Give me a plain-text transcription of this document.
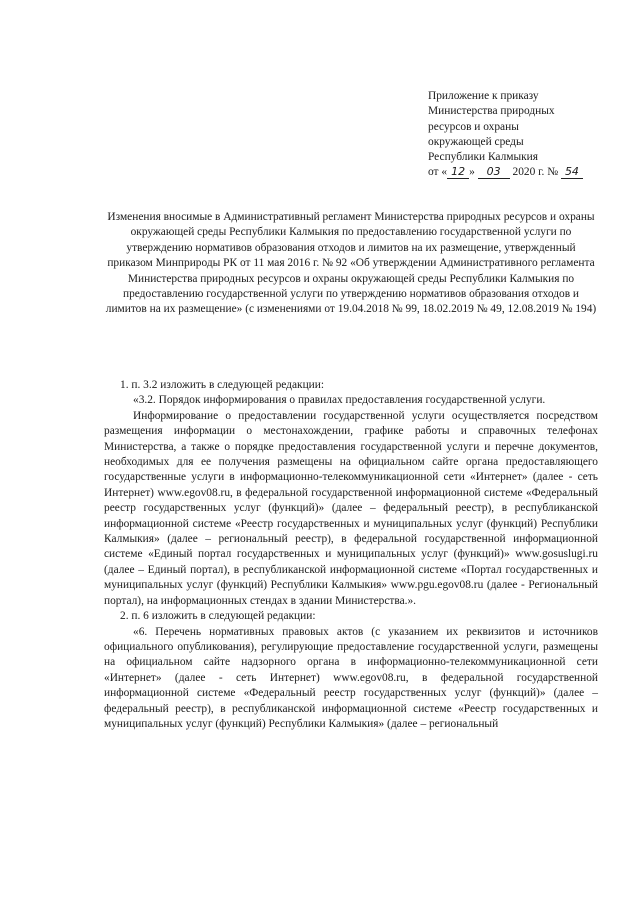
Приложение к приказу
Министерства природных
ресурсов и охраны
окружающей среды
Республики Калмыкия
от « 12 » 03 2020 г. № 54
Изменения вносимые в Административный регламент Министерства природных ресурсов и охраны окружающей среды Республики Калмыкия по предоставлению государственной услуги по утверждению нормативов образования отходов и лимитов на их размещение, утвержденный приказом Минприроды РК от 11 мая 2016 г. № 92 «Об утверждении Административного регламента Министерства природных ресурсов и охраны окружающей среды Республики Калмыкия по предоставлению государственной услуги по утверждению нормативов образования отходов и лимитов на их размещение» (с изменениями от 19.04.2018 № 99, 18.02.2019 № 49, 12.08.2019 № 194)

1. п. 3.2 изложить в следующей редакции:

«3.2. Порядок информирования о правилах предоставления государственной услуги.

Информирование о предоставлении государственной услуги осуществляется посредством размещения информации о местонахождении, графике работы и справочных телефонах Министерства, а также о порядке предоставления государственной услуги и перечне документов, необходимых для ее получения размещены на официальном сайте органа предоставляющего государственные услуги в информационно-телекоммуникационной сети «Интернет» (далее - сеть Интернет) www.egov08.ru, в федеральной государственной информационной системе «Федеральный реестр государственных услуг (функций)» (далее – федеральный реестр), в республиканской информационной системе «Реестр государственных и муниципальных услуг (функций) Республики Калмыкия» (далее – региональный реестр), в федеральной государственной информационной системе «Единый портал государственных и муниципальных услуг (функций)» www.gosuslugi.ru (далее – Единый портал), в республиканской информационной системе «Портал государственных и муниципальных услуг (функций) Республики Калмыкия» www.pgu.egov08.ru (далее - Региональный портал), на информационных стендах в здании Министерства.».

2. п. 6 изложить в следующей редакции:

«6. Перечень нормативных правовых актов (с указанием их реквизитов и источников официального опубликования), регулирующие предоставление государственной услуги, размещены на официальном сайте надзорного органа в информационно-телекоммуникационной сети «Интернет» (далее - сеть Интернет) www.egov08.ru, в федеральной государственной информационной системе «Федеральный реестр государственных услуг (функций)» (далее – федеральный реестр), в республиканской информационной системе «Реестр государственных и муниципальных услуг (функций) Республики Калмыкия» (далее – региональный
